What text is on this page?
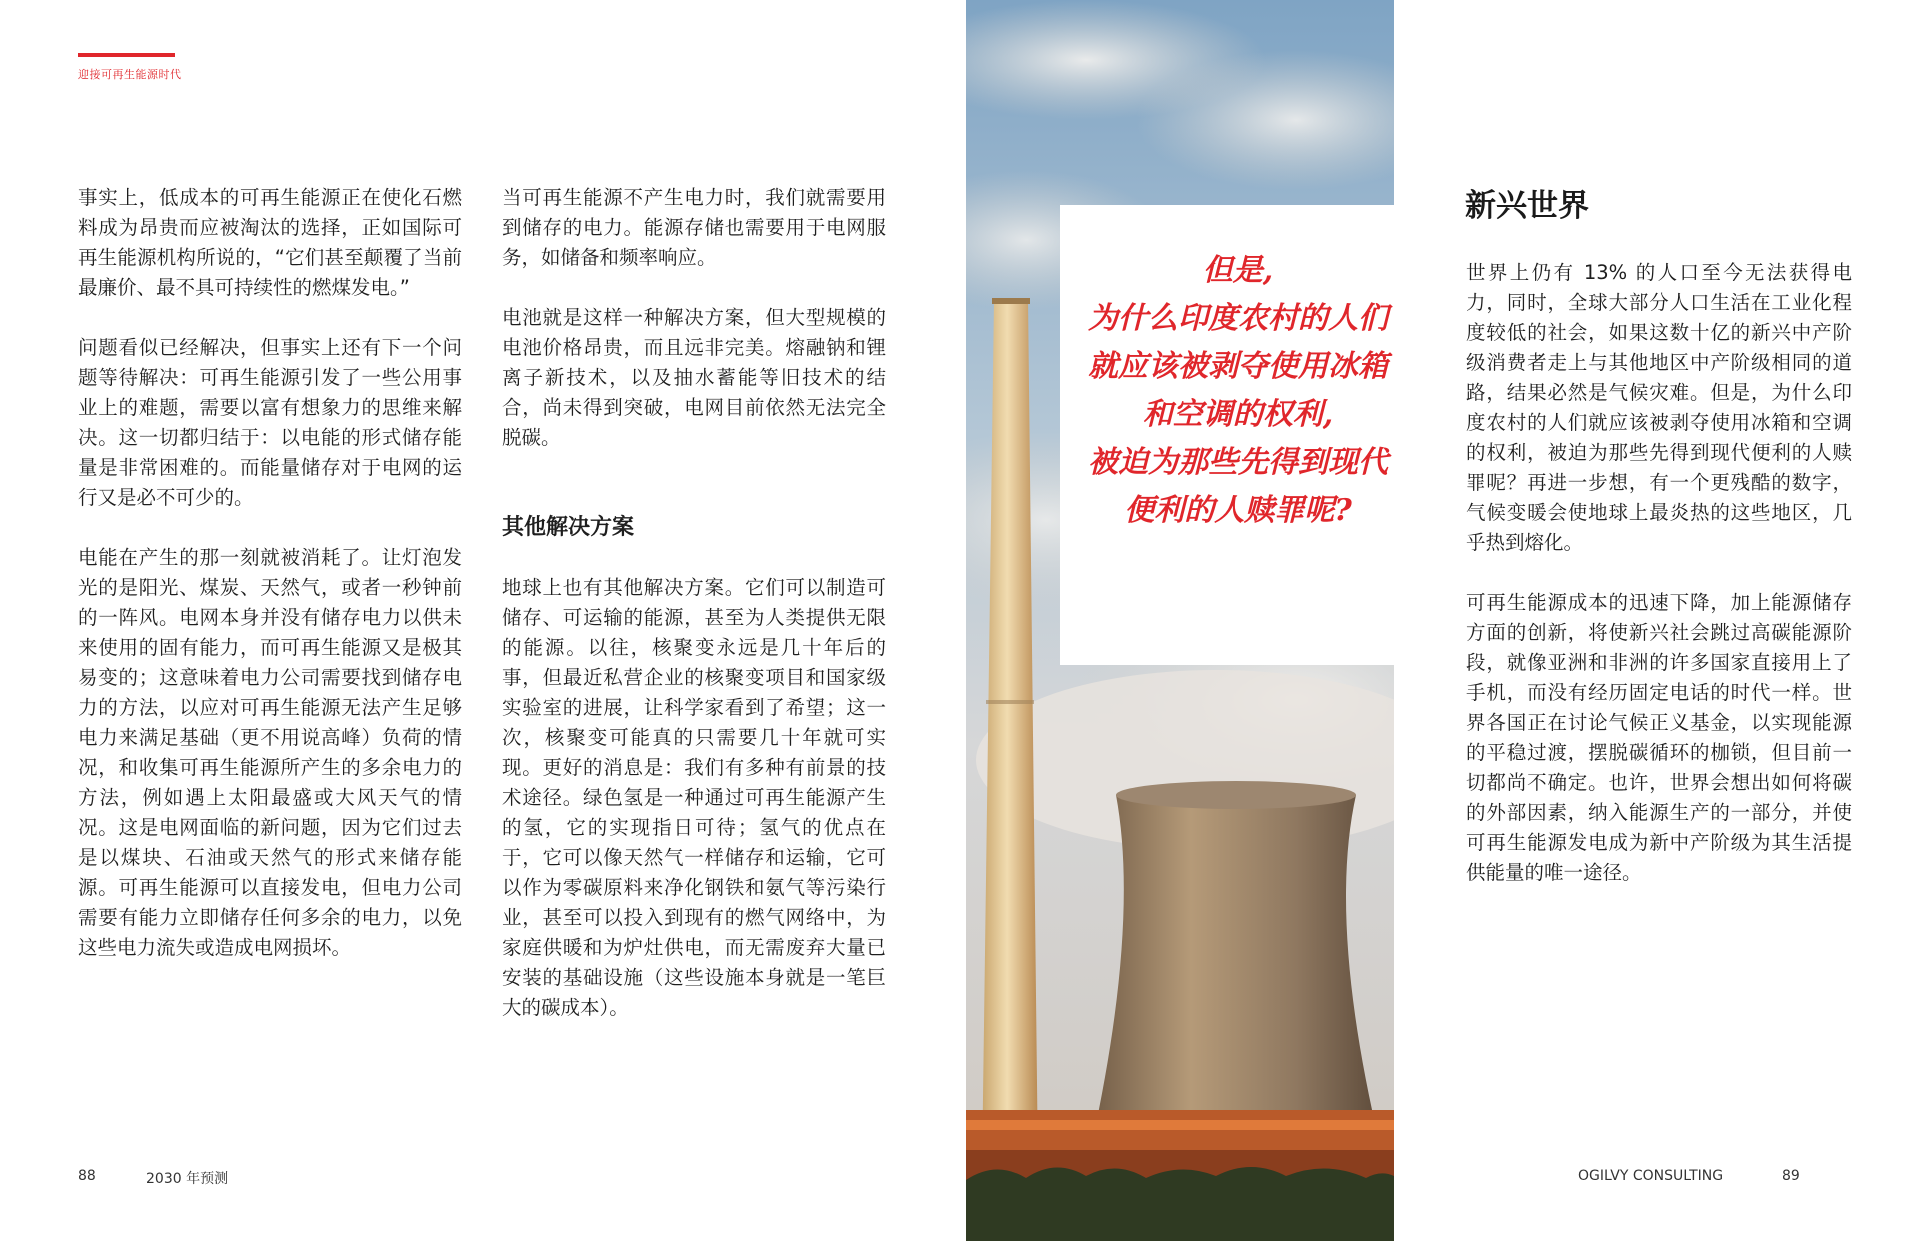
迎接可再生能源时代

事实上，低成本的可再生能源正在使化石燃料成为昂贵而应被淘汰的选择，正如国际可再生能源机构所说的，“它们甚至颠覆了当前最廉价、最不具可持续性的燃煤发电。”

问题看似已经解决，但事实上还有下一个问题等待解决：可再生能源引发了一些公用事业上的难题，需要以富有想象力的思维来解决。这一切都归结于：以电能的形式储存能量是非常困难的。而能量储存对于电网的运行又是必不可少的。

电能在产生的那一刻就被消耗了。让灯泡发光的是阳光、煤炭、天然气，或者一秒钟前的一阵风。电网本身并没有储存电力以供未来使用的固有能力，而可再生能源又是极其易变的；这意味着电力公司需要找到储存电力的方法，以应对可再生能源无法产生足够电力来满足基础（更不用说高峰）负荷的情况，和收集可再生能源所产生的多余电力的方法，例如遇上太阳最盛或大风天气的情况。这是电网面临的新问题，因为它们过去是以煤块、石油或天然气的形式来储存能源。可再生能源可以直接发电，但电力公司需要有能力立即储存任何多余的电力，以免这些电力流失或造成电网损坏。

当可再生能源不产生电力时，我们就需要用到储存的电力。能源存储也需要用于电网服务，如储备和频率响应。

电池就是这样一种解决方案，但大型规模的电池价格昂贵，而且远非完美。熔融钠和锂离子新技术，以及抽水蓄能等旧技术的结合，尚未得到突破，电网目前依然无法完全脱碳。

其他解决方案

地球上也有其他解决方案。它们可以制造可储存、可运输的能源，甚至为人类提供无限的能源。以往，核聚变永远是几十年后的事，但最近私营企业的核聚变项目和国家级实验室的进展，让科学家看到了希望；这一次，核聚变可能真的只需要几十年就可实现。更好的消息是：我们有多种有前景的技术途径。绿色氢是一种通过可再生能源产生的氢，它的实现指日可待；氢气的优点在于，它可以像天然气一样储存和运输，它可以作为零碳原料来净化钢铁和氨气等污染行业，甚至可以投入到现有的燃气网络中，为家庭供暖和为炉灶供电，而无需废弃大量已安装的基础设施（这些设施本身就是一笔巨大的碳成本）。

88	2030 年预测
但是,
为什么印度农村的人们
就应该被剥夺使用冰箱
和空调的权利,
被迫为那些先得到现代
便利的人赎罪呢?
新兴世界

世界上仍有 13% 的人口至今无法获得电力，同时，全球大部分人口生活在工业化程度较低的社会，如果这数十亿的新兴中产阶级消费者走上与其他地区中产阶级相同的道路，结果必然是气候灾难。但是，为什么印度农村的人们就应该被剥夺使用冰箱和空调的权利，被迫为那些先得到现代便利的人赎罪呢？再进一步想，有一个更残酷的数字，气候变暖会使地球上最炎热的这些地区，几乎热到熔化。

可再生能源成本的迅速下降，加上能源储存方面的创新，将使新兴社会跳过高碳能源阶段，就像亚洲和非洲的许多国家直接用上了手机，而没有经历固定电话的时代一样。世界各国正在讨论气候正义基金，以实现能源的平稳过渡，摆脱碳循环的枷锁，但目前一切都尚不确定。也许，世界会想出如何将碳的外部因素，纳入能源生产的一部分，并使可再生能源发电成为新中产阶级为其生活提供能量的唯一途径。

OGILVY CONSULTING	89
